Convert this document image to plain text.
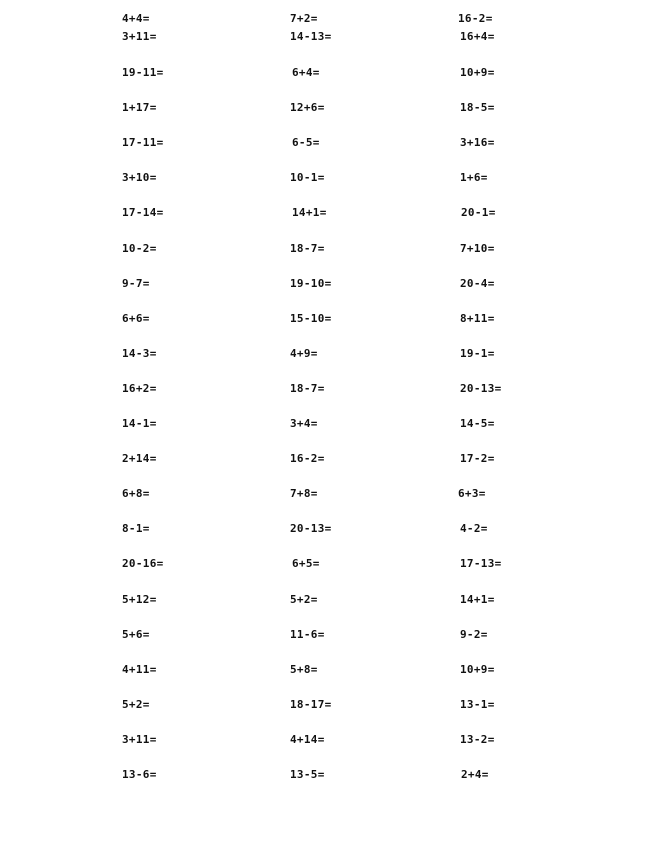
4+4=
3+11=
19-11=
1+17=
17-11=
3+10=
17-14=
10-2=
9-7=
6+6=
14-3=
16+2=
14-1=
2+14=
6+8=
8-1=
20-16=
5+12=
5+6=
4+11=
5+2=
3+11=
13-6=
7+2=
14-13=
6+4=
12+6=
6-5=
10-1=
14+1=
18-7=
19-10=
15-10=
4+9=
18-7=
3+4=
16-2=
7+8=
20-13=
6+5=
5+2=
11-6=
5+8=
18-17=
4+14=
13-5=
16-2=
16+4=
10+9=
18-5=
3+16=
1+6=
20-1=
7+10=
20-4=
8+11=
19-1=
20-13=
14-5=
17-2=
6+3=
4-2=
17-13=
14+1=
9-2=
10+9=
13-1=
13-2=
2+4=
